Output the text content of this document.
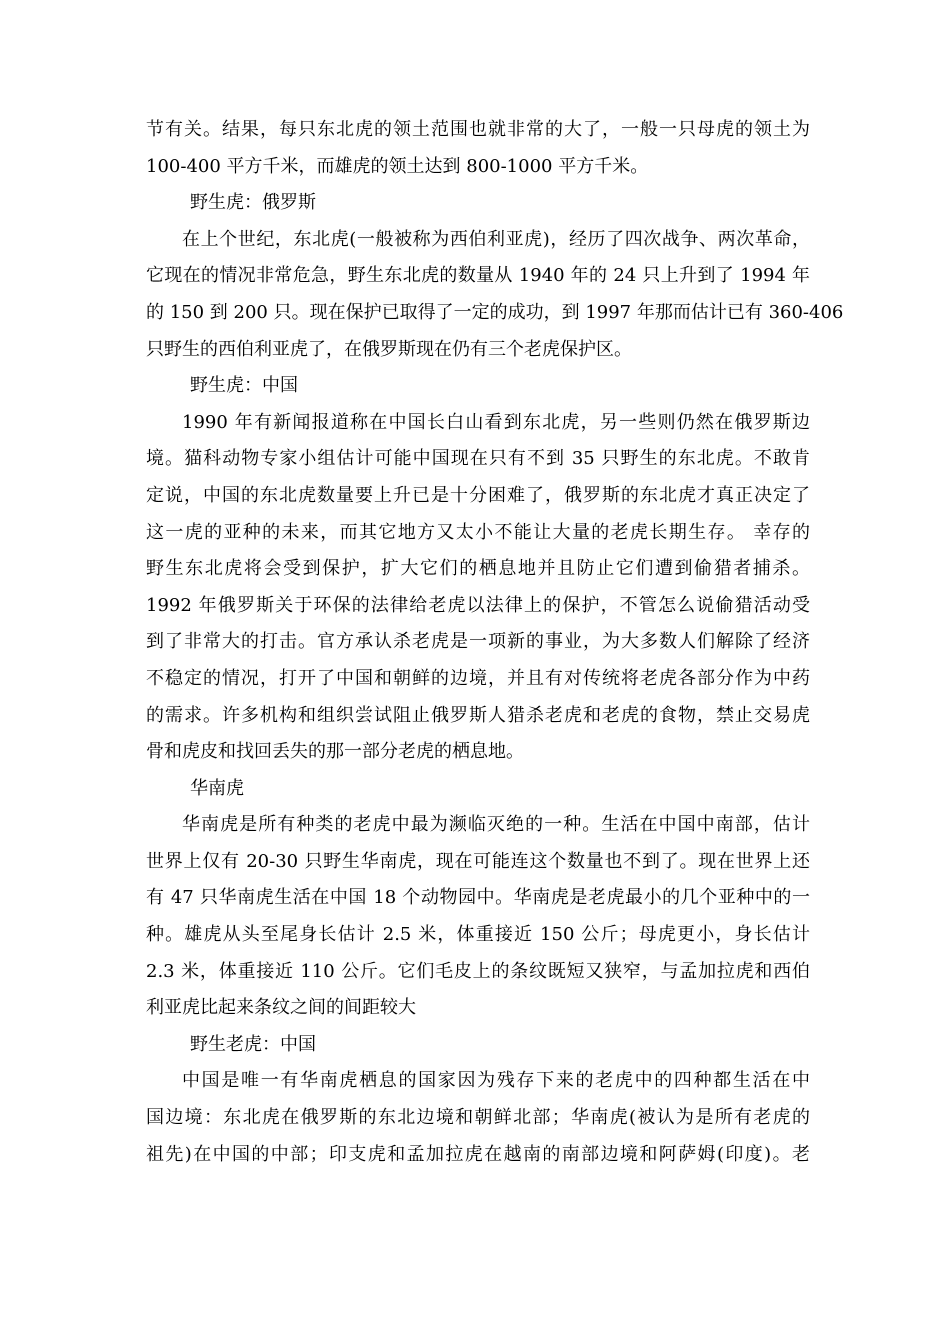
节有关。结果，每只东北虎的领土范围也就非常的大了，一般一只母虎的领土为
100-400 平方千米，而雄虎的领土达到 800-1000 平方千米。
野生虎：俄罗斯
在上个世纪，东北虎(一般被称为西伯利亚虎)，经历了四次战争、两次革命，
它现在的情况非常危急，野生东北虎的数量从 1940 年的 24 只上升到了 1994 年
的 150 到 200 只。现在保护已取得了一定的成功，到 1997 年那而估计已有 360-406
只野生的西伯利亚虎了，在俄罗斯现在仍有三个老虎保护区。
野生虎：中国
1990 年有新闻报道称在中国长白山看到东北虎，另一些则仍然在俄罗斯边
境。猫科动物专家小组估计可能中国现在只有不到 35 只野生的东北虎。不敢肯
定说，中国的东北虎数量要上升已是十分困难了，俄罗斯的东北虎才真正决定了
这一虎的亚种的未来，而其它地方又太小不能让大量的老虎长期生存。 幸存的
野生东北虎将会受到保护，扩大它们的栖息地并且防止它们遭到偷猎者捕杀。
1992 年俄罗斯关于环保的法律给老虎以法律上的保护，不管怎么说偷猎活动受
到了非常大的打击。官方承认杀老虎是一项新的事业，为大多数人们解除了经济
不稳定的情况，打开了中国和朝鲜的边境，并且有对传统将老虎各部分作为中药
的需求。许多机构和组织尝试阻止俄罗斯人猎杀老虎和老虎的食物，禁止交易虎
骨和虎皮和找回丢失的那一部分老虎的栖息地。
华南虎
华南虎是所有种类的老虎中最为濒临灭绝的一种。生活在中国中南部，估计
世界上仅有 20-30 只野生华南虎，现在可能连这个数量也不到了。现在世界上还
有 47 只华南虎生活在中国 18 个动物园中。华南虎是老虎最小的几个亚种中的一
种。雄虎从头至尾身长估计 2.5 米，体重接近 150 公斤；母虎更小，身长估计
2.3 米，体重接近 110 公斤。它们毛皮上的条纹既短又狭窄，与孟加拉虎和西伯
利亚虎比起来条纹之间的间距较大
野生老虎：中国
中国是唯一有华南虎栖息的国家因为残存下来的老虎中的四种都生活在中
国边境：东北虎在俄罗斯的东北边境和朝鲜北部；华南虎(被认为是所有老虎的
祖先)在中国的中部；印支虎和孟加拉虎在越南的南部边境和阿萨姆(印度)。老
